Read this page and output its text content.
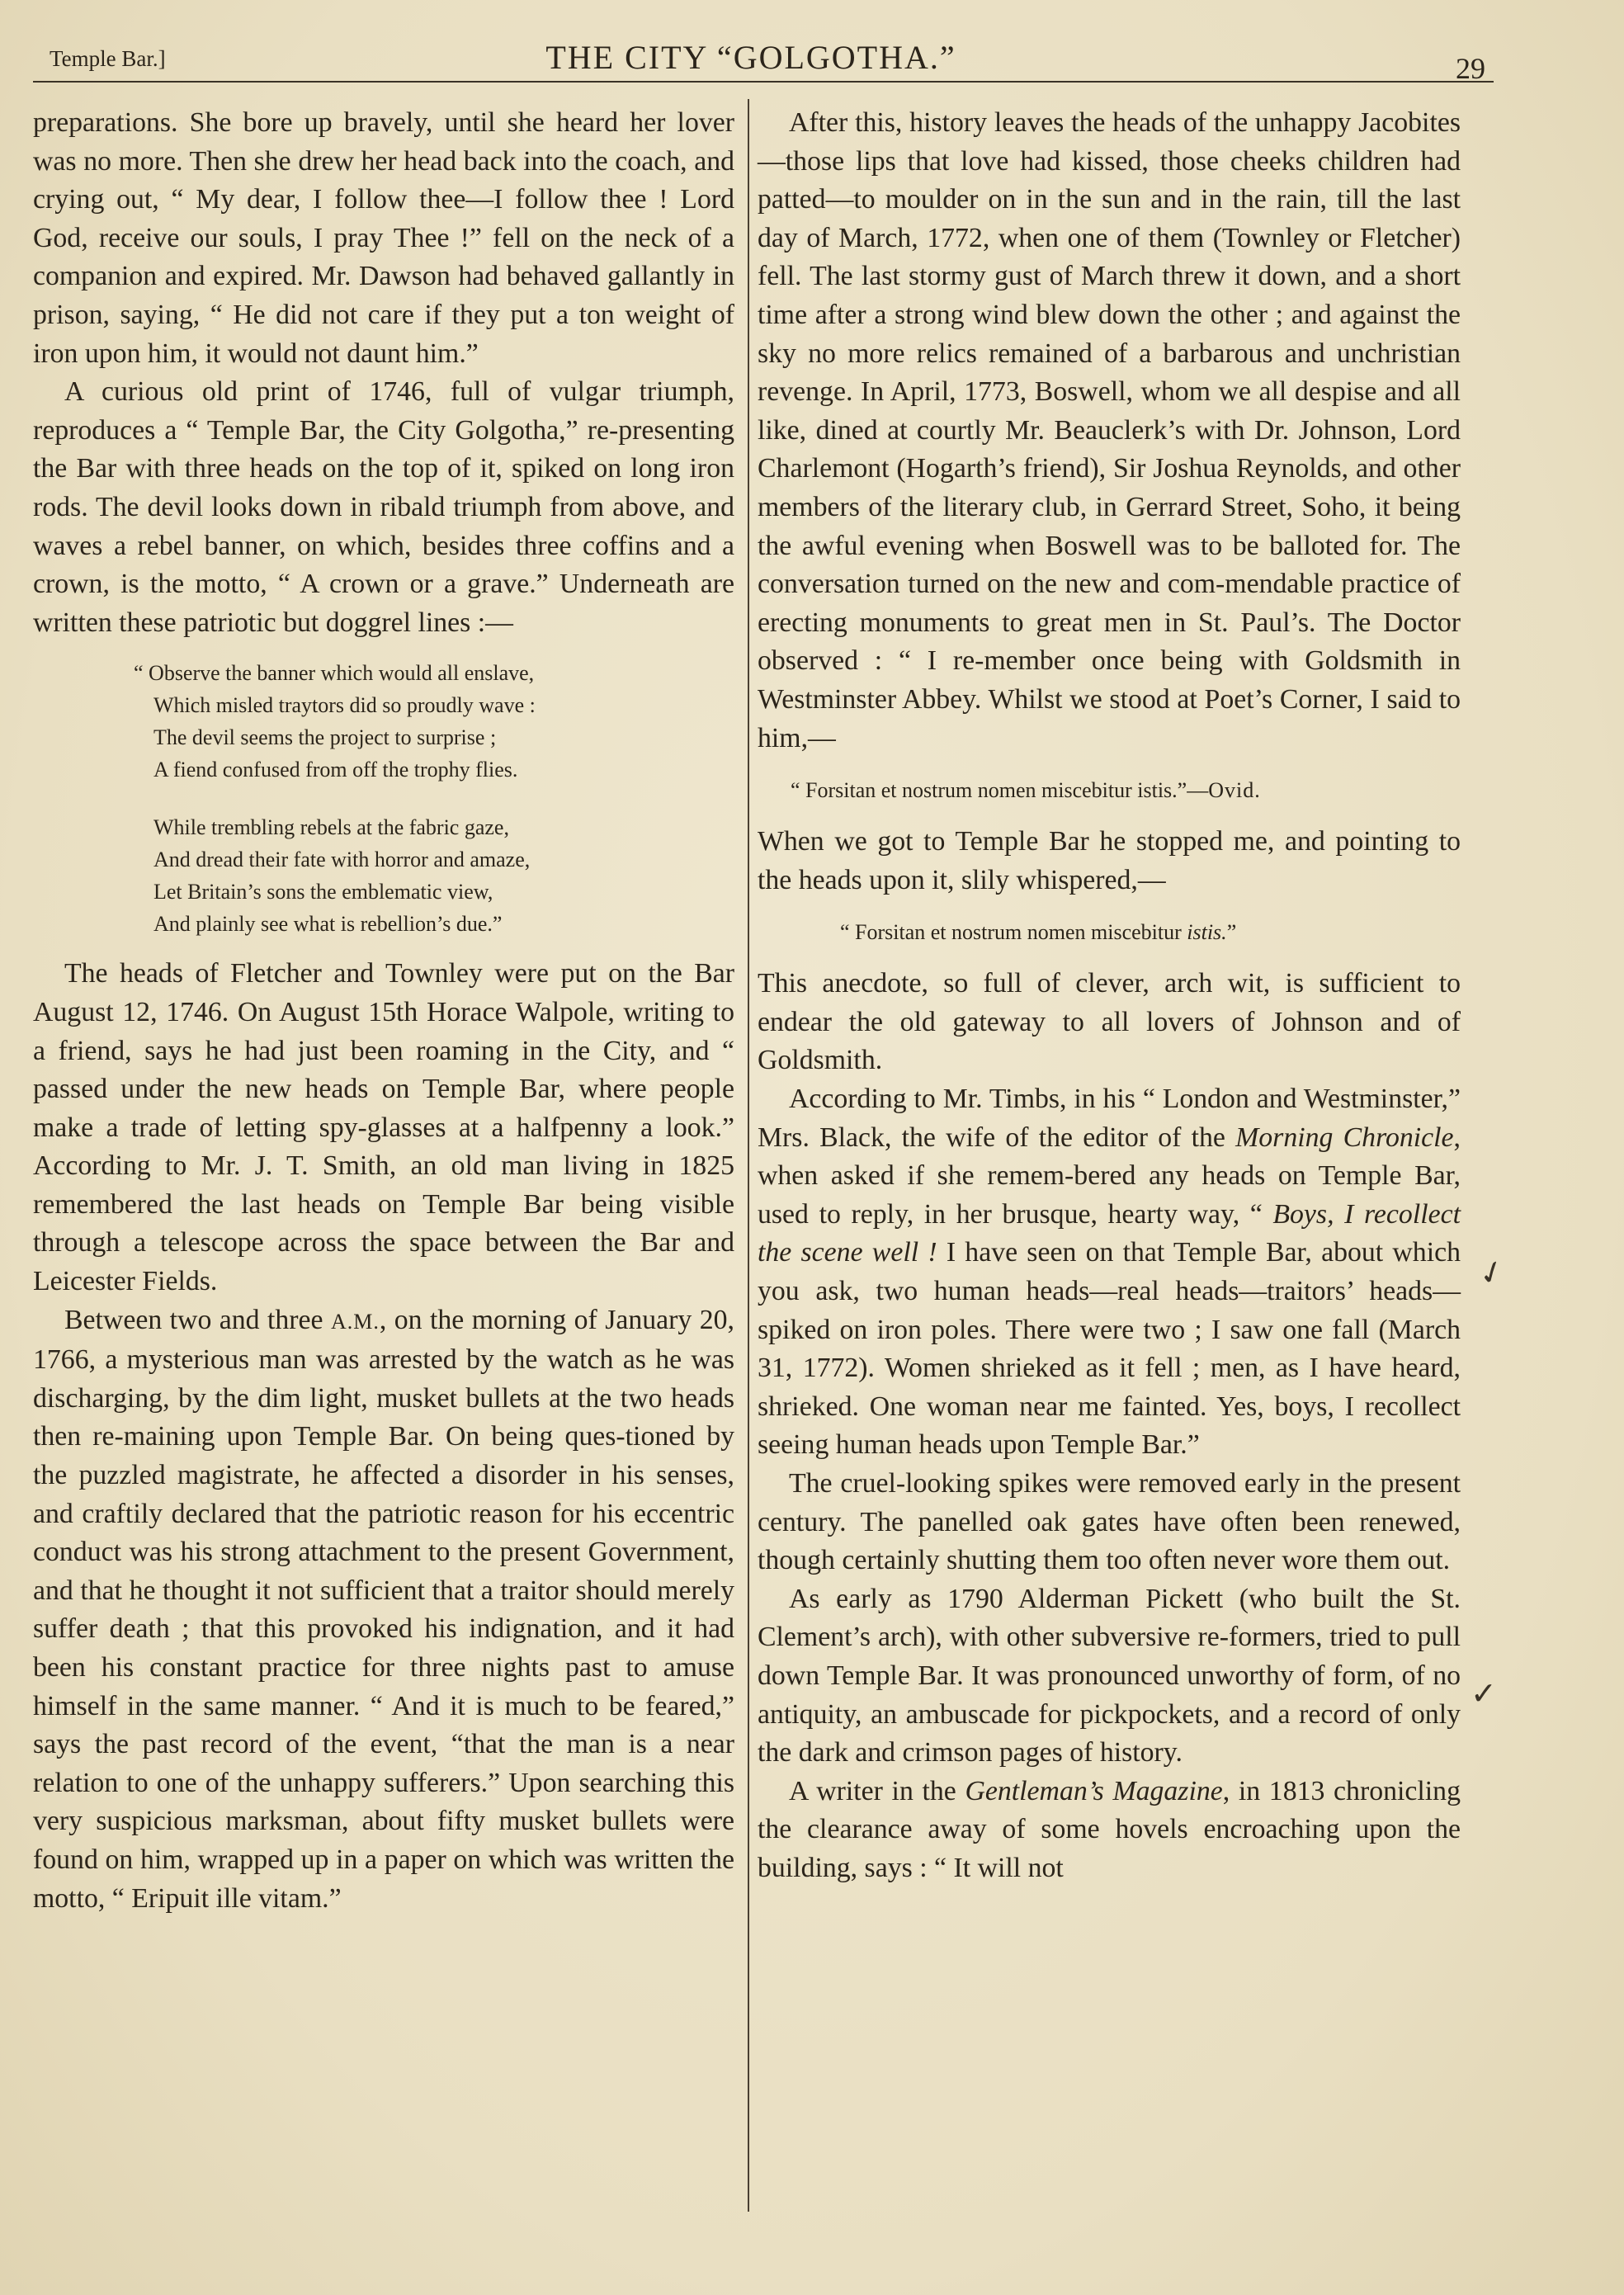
Temple Bar.]	THE CITY “GOLGOTHA.”	29

preparations. She bore up bravely, until she heard her lover was no more. Then she drew her head back into the coach, and crying out, “ My dear, I follow thee—I follow thee ! Lord God, receive our souls, I pray Thee !” fell on the neck of a companion and expired. Mr. Dawson had behaved gallantly in prison, saying, “ He did not care if they put a ton weight of iron upon him, it would not daunt him.”

A curious old print of 1746, full of vulgar triumph, reproduces a “ Temple Bar, the City Golgotha,” re-presenting the Bar with three heads on the top of it, spiked on long iron rods. The devil looks down in ribald triumph from above, and waves a rebel banner, on which, besides three coffins and a crown, is the motto, “ A crown or a grave.” Underneath are written these patriotic but doggrel lines :—

“ Observe the banner which would all enslave,
Which misled traytors did so proudly wave :
The devil seems the project to surprise ;
A fiend confused from off the trophy flies.
While trembling rebels at the fabric gaze,
And dread their fate with horror and amaze,
Let Britain’s sons the emblematic view,
And plainly see what is rebellion’s due.”

The heads of Fletcher and Townley were put on the Bar August 12, 1746. On August 15th Horace Walpole, writing to a friend, says he had just been roaming in the City, and “ passed under the new heads on Temple Bar, where people make a trade of letting spy-glasses at a halfpenny a look.” According to Mr. J. T. Smith, an old man living in 1825 remembered the last heads on Temple Bar being visible through a telescope across the space between the Bar and Leicester Fields.

Between two and three A.M., on the morning of January 20, 1766, a mysterious man was arrested by the watch as he was discharging, by the dim light, musket bullets at the two heads then re-maining upon Temple Bar. On being ques-tioned by the puzzled magistrate, he affected a disorder in his senses, and craftily declared that the patriotic reason for his eccentric conduct was his strong attachment to the present Government, and that he thought it not sufficient that a traitor should merely suffer death ; that this provoked his indignation, and it had been his constant practice for three nights past to amuse himself in the same manner. “ And it is much to be feared,” says the past record of the event, “that the man is a near relation to one of the unhappy sufferers.” Upon searching this very suspicious marksman, about fifty musket bullets were found on him, wrapped up in a paper on which was written the motto, “ Eripuit ille vitam.”

After this, history leaves the heads of the unhappy Jacobites—those lips that love had kissed, those cheeks children had patted—to moulder on in the sun and in the rain, till the last day of March, 1772, when one of them (Townley or Fletcher) fell. The last stormy gust of March threw it down, and a short time after a strong wind blew down the other ; and against the sky no more relics remained of a barbarous and unchristian revenge. In April, 1773, Boswell, whom we all despise and all like, dined at courtly Mr. Beauclerk’s with Dr. Johnson, Lord Charlemont (Hogarth’s friend), Sir Joshua Reynolds, and other members of the literary club, in Gerrard Street, Soho, it being the awful evening when Boswell was to be balloted for. The conversation turned on the new and com-mendable practice of erecting monuments to great men in St. Paul’s. The Doctor observed : “ I re-member once being with Goldsmith in Westminster Abbey. Whilst we stood at Poet’s Corner, I said to him,—

“ Forsitan et nostrum nomen miscebitur istis.”—Ovid.

When we got to Temple Bar he stopped me, and pointing to the heads upon it, slily whispered,—

“ Forsitan et nostrum nomen miscebitur istis.”

This anecdote, so full of clever, arch wit, is sufficient to endear the old gateway to all lovers of Johnson and of Goldsmith.

According to Mr. Timbs, in his “ London and Westminster,” Mrs. Black, the wife of the editor of the Morning Chronicle, when asked if she remem-bered any heads on Temple Bar, used to reply, in her brusque, hearty way, “ Boys, I recollect the scene well ! I have seen on that Temple Bar, about which you ask, two human heads—real heads—traitors’ heads—spiked on iron poles. There were two ; I saw one fall (March 31, 1772). Women shrieked as it fell ; men, as I have heard, shrieked. One woman near me fainted. Yes, boys, I recollect seeing human heads upon Temple Bar.”

The cruel-looking spikes were removed early in the present century. The panelled oak gates have often been renewed, though certainly shutting them too often never wore them out.

As early as 1790 Alderman Pickett (who built the St. Clement’s arch), with other subversive re-formers, tried to pull down Temple Bar. It was pronounced unworthy of form, of no antiquity, an ambuscade for pickpockets, and a record of only the dark and crimson pages of history.

A writer in the Gentleman’s Magazine, in 1813 chronicling the clearance away of some hovels encroaching upon the building, says : “ It will not

✓
✓
